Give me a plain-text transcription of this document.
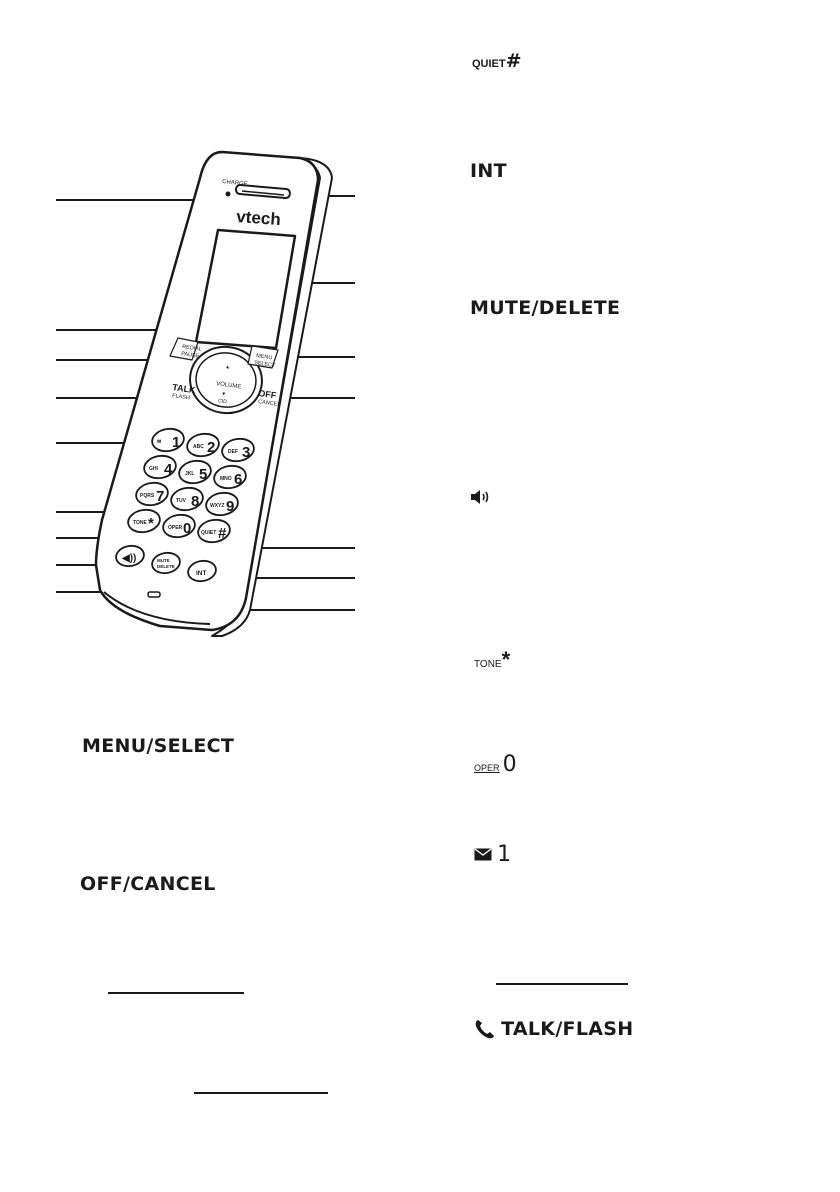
CHARGE
vtech
REDIAL
PAUSE	MENU
SELECT
TALK
FLASH	OFF
CANCEL
VOLUME
▲
▼
CID
1 2 3
4 5 6
7 8 9
* 0 #
✉
ABC
DEF
GHI
JKL
MNO
PQRS
TUV
WXYZ
TONE
OPER
QUIET
◀))	MUTE
DELETE
INT
QUIET#
INT
MUTE/DELETE
TONE*
OPER 0
1
TALK/FLASH
MENU/SELECT
OFF/CANCEL
